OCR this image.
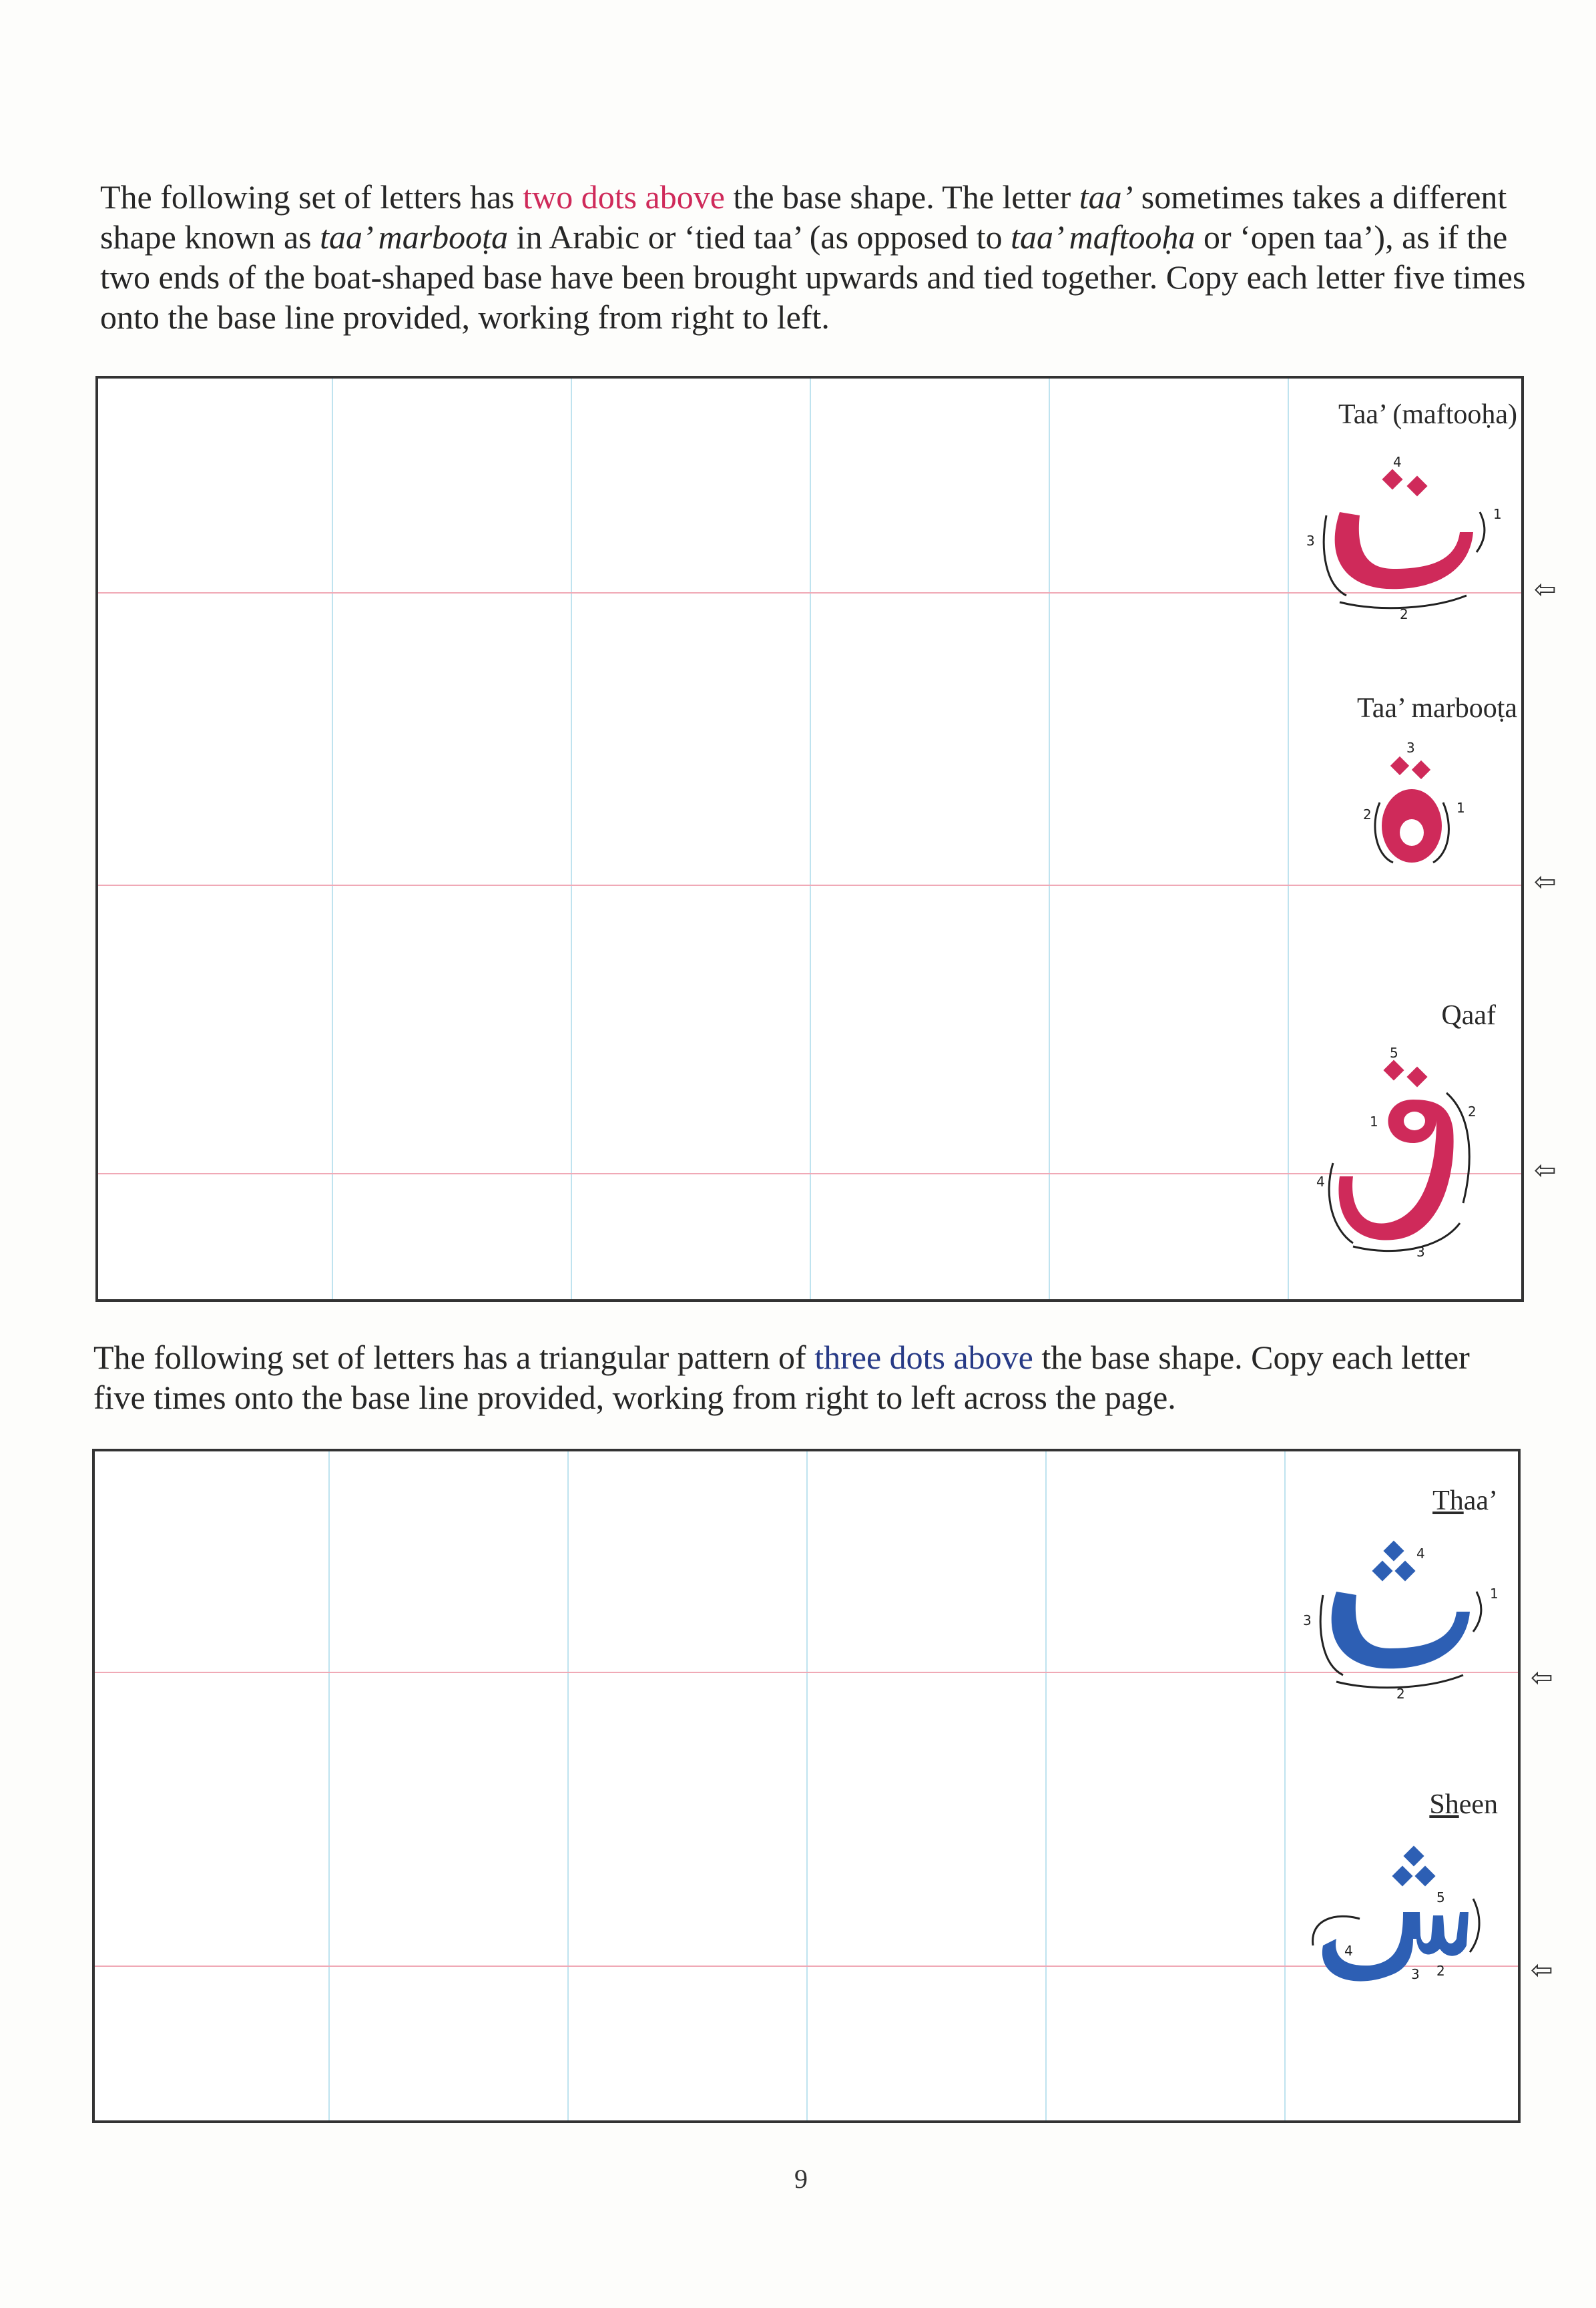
The following set of letters has two dots above the base shape. The letter taa’ sometimes takes a different shape known as taa’ marbooṭa in Arabic or ‘tied taa’ (as opposed to taa’ maftooḥa or ‘open taa’), as if the two ends of the boat-shaped base have been brought upwards and tied together. Copy each letter five times onto the base line provided, working from right to left.
Taa’ (maftooḥa)
3
1
2
4
Taa’ marbooṭa
2	1
3
Qaaf
4
1
2
3
5
⇦
⇦
⇦
The following set of letters has a triangular pattern of three dots above the base shape. Copy each letter five times onto the base line provided, working from right to left across the page.
Thaa’
3
1
2
4
Sheen
4
3 2
5
⇦
⇦
9
